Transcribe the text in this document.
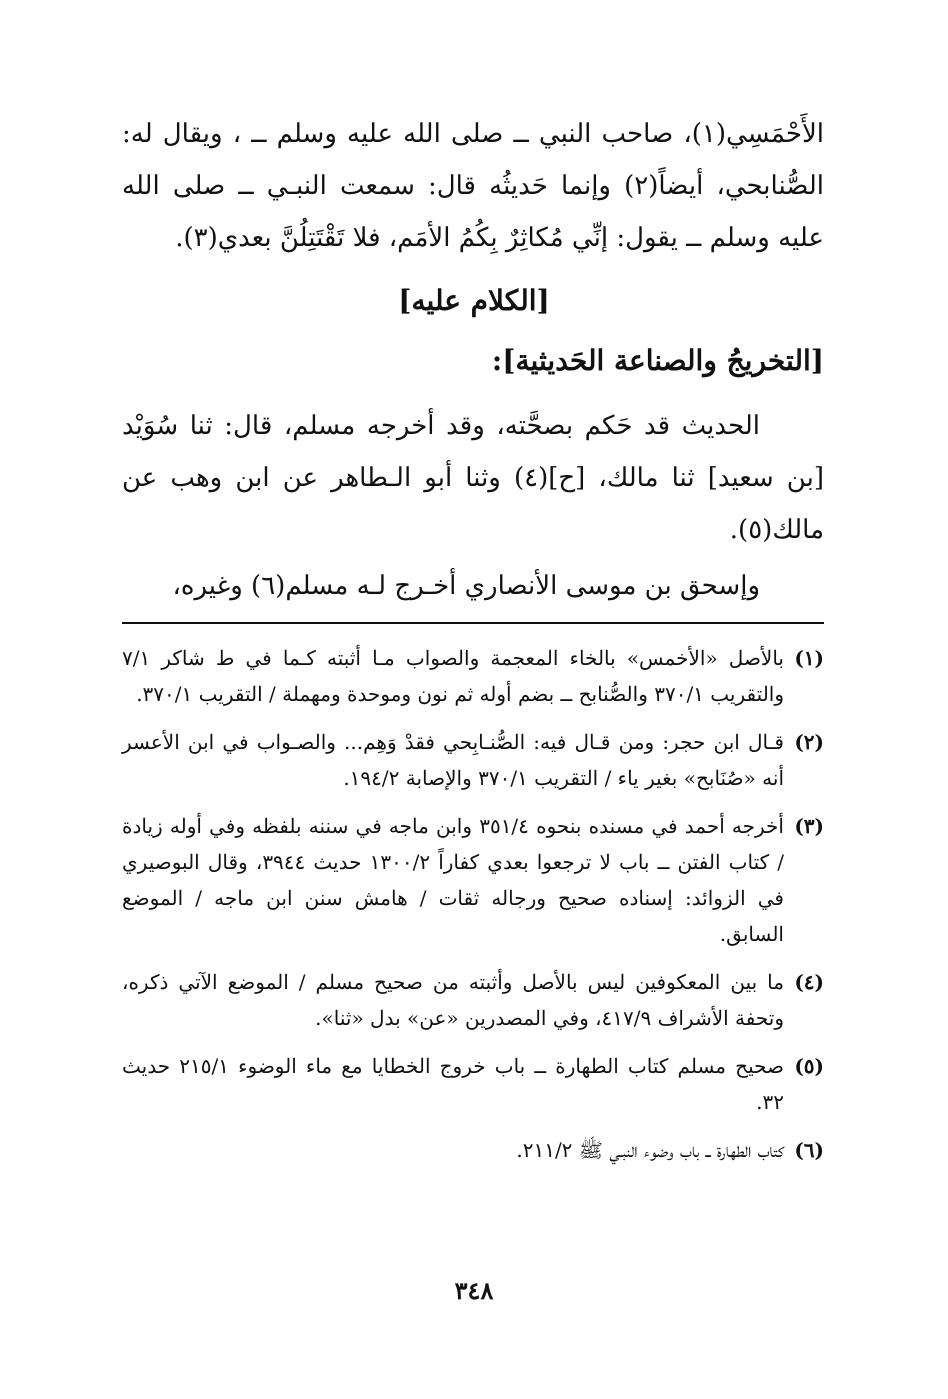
الأَحْمَسِي(١)، صاحب النبي ــ صلى الله عليه وسلم ــ ، ويقال له: الصُّنابحي، أيضاً(٢) وإنما حَديثُه قال: سمعت النبـي ــ صلى الله عليه وسلم ــ يقول: إنِّي مُكاثِرٌ بِكُمُ الأمَم، فلا تَقْتَتِلُنَّ بعدي(٣).

[الكلام عليه]
[التخريجُ والصناعة الحَديثية]:

الحديث قد حَكم بصحَّته، وقد أخرجه مسلم، قال: ثنا سُوَيْد [بن سعيد] ثنا مالك، [ح](٤) وثنا أبو الـطاهر عن ابن وهب عن مالك(٥).

وإسحق بن موسى الأنصاري أخـرج لـه مسلم(٦) وغيره،
(١)
بالأصل «الأخمس» بالخاء المعجمة والصواب مـا أثبته كـما في ط شاكر ٧/١ والتقريب ٣٧٠/١ والصُّنابح ــ بضم أوله ثم نون وموحدة ومهملة / التقريب ٣٧٠/١.
(٢)
قـال ابن حجر: ومن قـال فيه: الصُّنـابِحي فقدْ وَهِم... والصـواب في ابن الأعسر أنه «صُنَابح» بغير ياء / التقريب ٣٧٠/١ والإصابة ١٩٤/٢.
(٣)
أخرجه أحمد في مسنده بنحوه ٣٥١/٤ وابن ماجه في سننه بلفظه وفي أوله زيادة / كتاب الفتن ــ باب لا ترجعوا بعدي كفاراً ١٣٠٠/٢ حديث ٣٩٤٤، وقال البوصيري في الزوائد: إسناده صحيح ورجاله ثقات / هامش سنن ابن ماجه / الموضع السابق.
(٤)
ما بين المعكوفين ليس بالأصل وأثبته من صحيح مسلم / الموضع الآتي ذكره، وتحفة الأشراف ٤١٧/٩، وفي المصدرين «عن» بدل «ثنا».
(٥)
صحيح مسلم كتاب الطهارة ــ باب خروج الخطايا مع ماء الوضوء ٢١٥/١ حديث ٣٢.
(٦)
كتاب الطهارة ــ باب وضوء النبـي ﷺ ٢١١/٢.
٣٤٨
